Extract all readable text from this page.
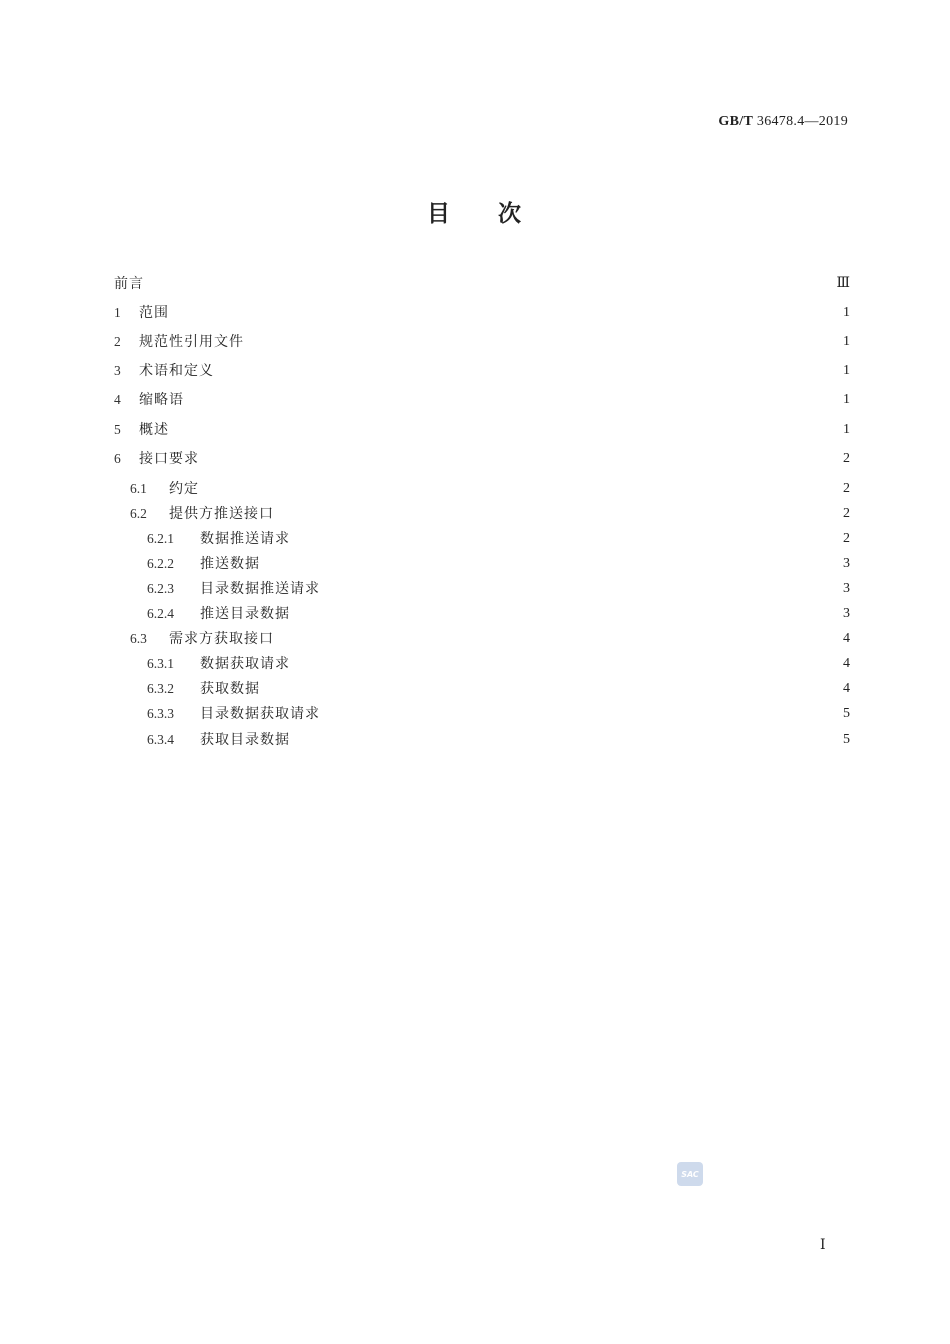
GB/T 36478.4—2019
目 次
前言	Ⅲ
1	范围	1
2	规范性引用文件	1
3	术语和定义	1
4	缩略语	1
5	概述	1
6	接口要求	2
6.1	约定	2
6.2	提供方推送接口	2
6.2.1	数据推送请求	2
6.2.2	推送数据	3
6.2.3	目录数据推送请求	3
6.2.4	推送目录数据	3
6.3	需求方获取接口	4
6.3.1	数据获取请求	4
6.3.2	获取数据	4
6.3.3	目录数据获取请求	5
6.3.4	获取目录数据	5
SAC
Ⅰ
